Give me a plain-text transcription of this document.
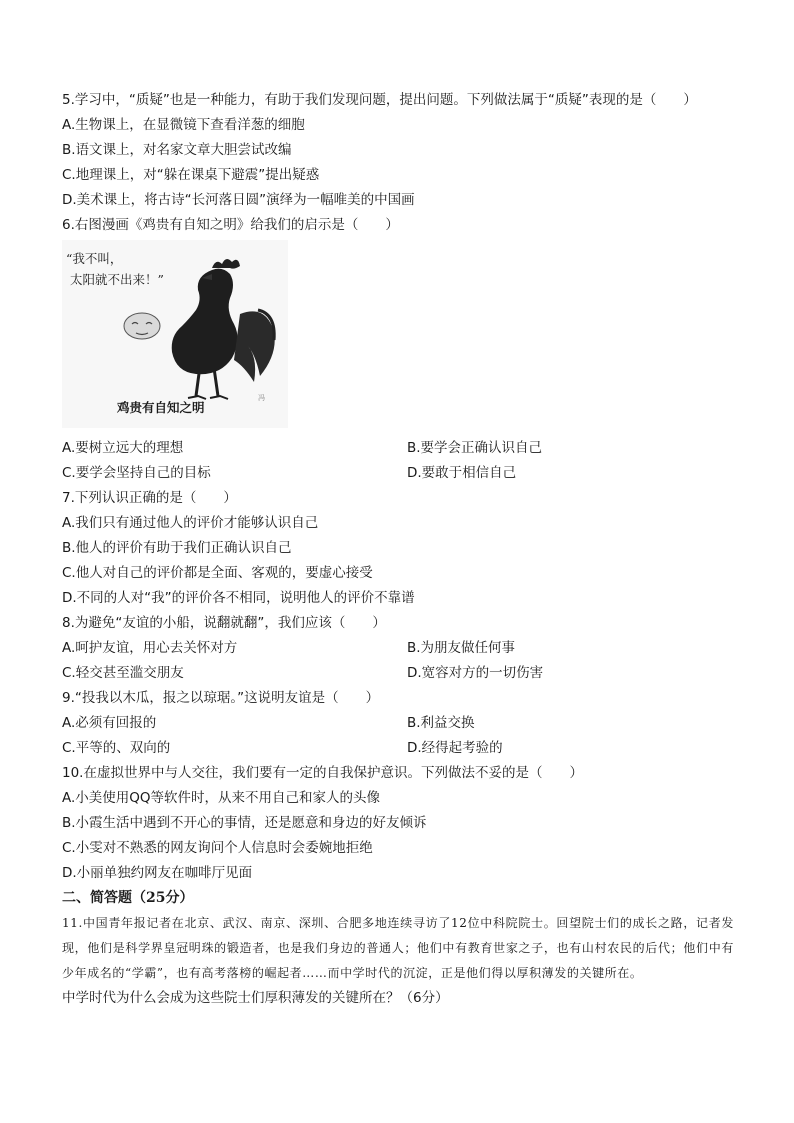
5.学习中，“质疑”也是一种能力，有助于我们发现问题，提出问题。下列做法属于“质疑”表现的是（　　）
A.生物课上，在显微镜下查看洋葱的细胞
B.语文课上，对名家文章大胆尝试改编
C.地理课上，对“躲在课桌下避震”提出疑惑
D.美术课上，将古诗“长河落日圆”演绎为一幅唯美的中国画
6.右图漫画《鸡贵有自知之明》给我们的启示是（　　）
冯
“我不叫，
太阳就不出来！”
鸡贵有自知之明
A.要树立远大的理想	B.要学会正确认识自己
C.要学会坚持自己的目标	D.要敢于相信自己
7.下列认识正确的是（　　）
A.我们只有通过他人的评价才能够认识自己
B.他人的评价有助于我们正确认识自己
C.他人对自己的评价都是全面、客观的，要虚心接受
D.不同的人对“我”的评价各不相同，说明他人的评价不靠谱
8.为避免“友谊的小船，说翻就翻”，我们应该（　　）
A.呵护友谊，用心去关怀对方	B.为朋友做任何事
C.轻交甚至滥交朋友	D.宽容对方的一切伤害
9.“投我以木瓜，报之以琼琚。”这说明友谊是（　　）
A.必须有回报的	B.利益交换
C.平等的、双向的	D.经得起考验的
10.在虚拟世界中与人交往，我们要有一定的自我保护意识。下列做法不妥的是（　　）
A.小美使用QQ等软件时，从来不用自己和家人的头像
B.小霞生活中遇到不开心的事情，还是愿意和身边的好友倾诉
C.小雯对不熟悉的网友询问个人信息时会委婉地拒绝
D.小丽单独约网友在咖啡厅见面
二、简答题（25分）
11.中国青年报记者在北京、武汉、南京、深圳、合肥多地连续寻访了12位中科院院士。回望院士们的成长之路，记者发现，他们是科学界皇冠明珠的锻造者，也是我们身边的普通人；他们中有教育世家之子，也有山村农民的后代；他们中有少年成名的“学霸”，也有高考落榜的崛起者……而中学时代的沉淀，正是他们得以厚积薄发的关键所在。
中学时代为什么会成为这些院士们厚积薄发的关键所在？（6分）
